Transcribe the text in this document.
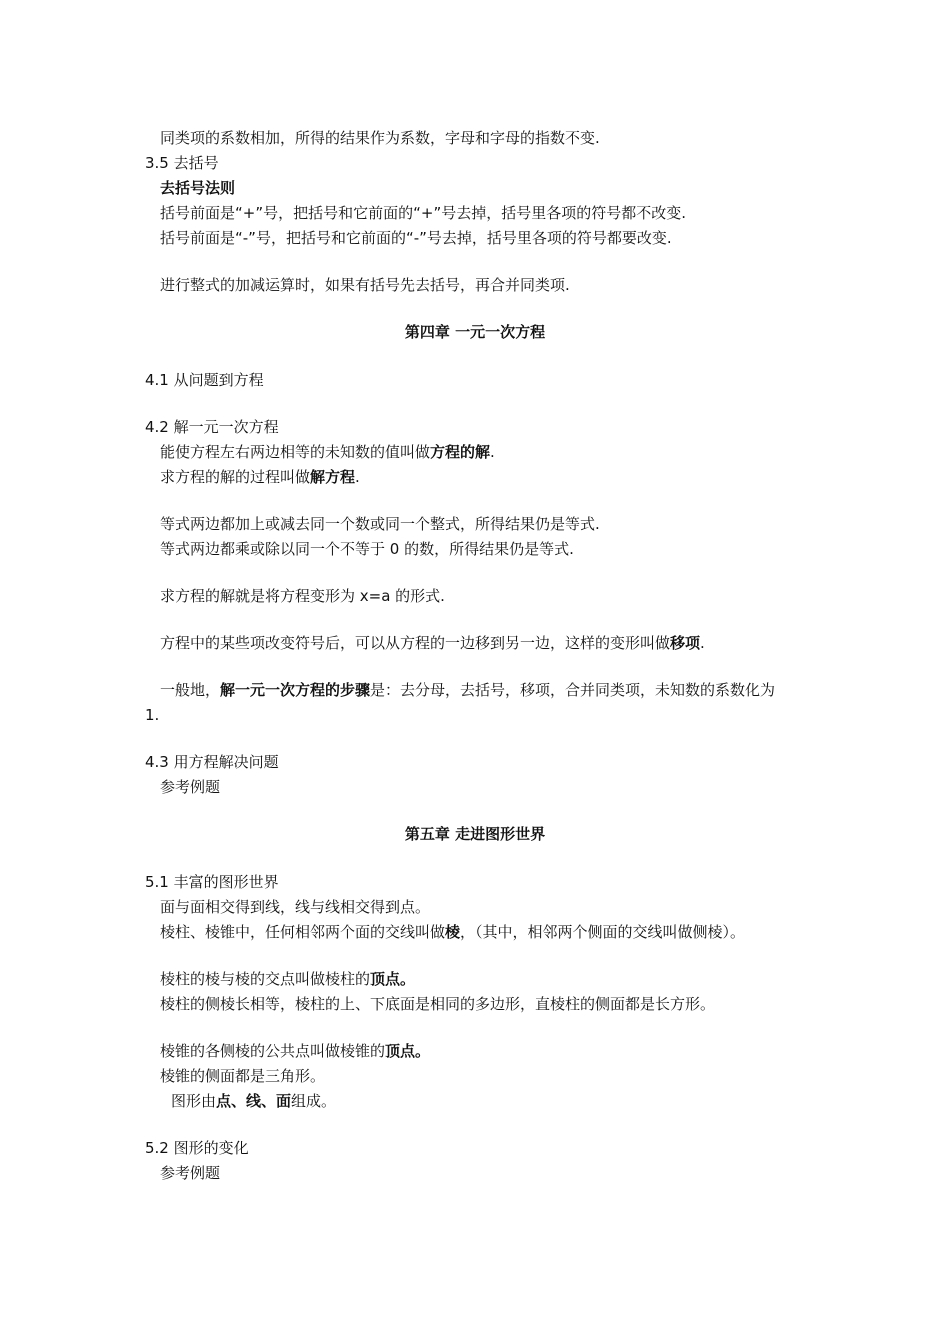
同类项的系数相加，所得的结果作为系数，字母和字母的指数不变.
3.5 去括号
去括号法则
括号前面是“+”号，把括号和它前面的“+”号去掉，括号里各项的符号都不改变.
括号前面是“-”号，把括号和它前面的“-”号去掉，括号里各项的符号都要改变.
进行整式的加减运算时，如果有括号先去括号，再合并同类项.
第四章 一元一次方程
4.1 从问题到方程
4.2 解一元一次方程
能使方程左右两边相等的未知数的值叫做方程的解.
求方程的解的过程叫做解方程.
等式两边都加上或减去同一个数或同一个整式，所得结果仍是等式.
等式两边都乘或除以同一个不等于 0 的数，所得结果仍是等式.
求方程的解就是将方程变形为 x=a 的形式.
方程中的某些项改变符号后，可以从方程的一边移到另一边，这样的变形叫做移项.
一般地，解一元一次方程的步骤是：去分母，去括号，移项，合并同类项，未知数的系数化为
1.
4.3 用方程解决问题
参考例题
第五章 走进图形世界
5.1 丰富的图形世界
面与面相交得到线，线与线相交得到点。
棱柱、棱锥中，任何相邻两个面的交线叫做棱，（其中，相邻两个侧面的交线叫做侧棱）。
棱柱的棱与棱的交点叫做棱柱的顶点。
棱柱的侧棱长相等，棱柱的上、下底面是相同的多边形，直棱柱的侧面都是长方形。
棱锥的各侧棱的公共点叫做棱锥的顶点。
棱锥的侧面都是三角形。
图形由点、线、面组成。
5.2 图形的变化
参考例题
